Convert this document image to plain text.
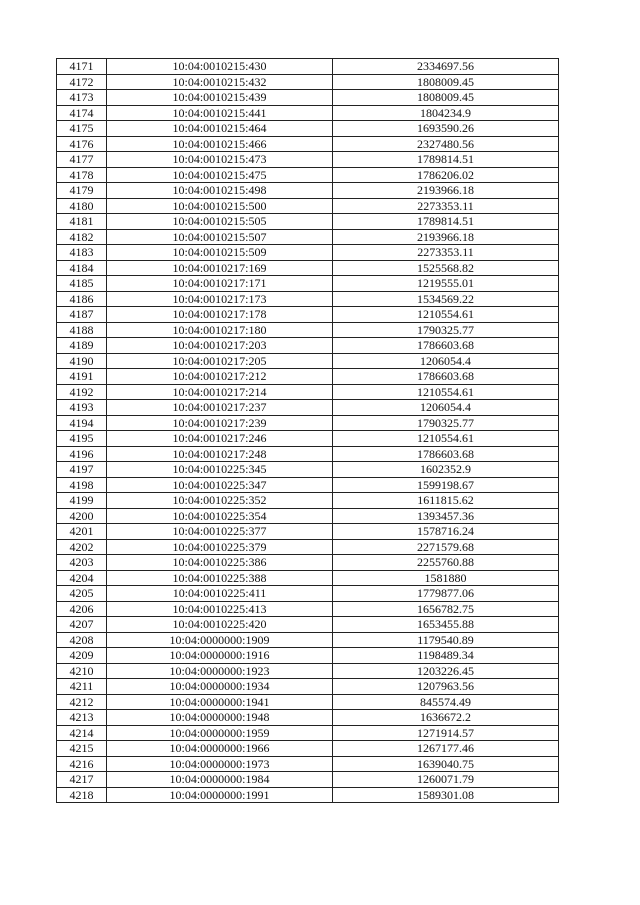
4171	10:04:0010215:430	2334697.56
4172	10:04:0010215:432	1808009.45
4173	10:04:0010215:439	1808009.45
4174	10:04:0010215:441	1804234.9
4175	10:04:0010215:464	1693590.26
4176	10:04:0010215:466	2327480.56
4177	10:04:0010215:473	1789814.51
4178	10:04:0010215:475	1786206.02
4179	10:04:0010215:498	2193966.18
4180	10:04:0010215:500	2273353.11
4181	10:04:0010215:505	1789814.51
4182	10:04:0010215:507	2193966.18
4183	10:04:0010215:509	2273353.11
4184	10:04:0010217:169	1525568.82
4185	10:04:0010217:171	1219555.01
4186	10:04:0010217:173	1534569.22
4187	10:04:0010217:178	1210554.61
4188	10:04:0010217:180	1790325.77
4189	10:04:0010217:203	1786603.68
4190	10:04:0010217:205	1206054.4
4191	10:04:0010217:212	1786603.68
4192	10:04:0010217:214	1210554.61
4193	10:04:0010217:237	1206054.4
4194	10:04:0010217:239	1790325.77
4195	10:04:0010217:246	1210554.61
4196	10:04:0010217:248	1786603.68
4197	10:04:0010225:345	1602352.9
4198	10:04:0010225:347	1599198.67
4199	10:04:0010225:352	1611815.62
4200	10:04:0010225:354	1393457.36
4201	10:04:0010225:377	1578716.24
4202	10:04:0010225:379	2271579.68
4203	10:04:0010225:386	2255760.88
4204	10:04:0010225:388	1581880
4205	10:04:0010225:411	1779877.06
4206	10:04:0010225:413	1656782.75
4207	10:04:0010225:420	1653455.88
4208	10:04:0000000:1909	1179540.89
4209	10:04:0000000:1916	1198489.34
4210	10:04:0000000:1923	1203226.45
4211	10:04:0000000:1934	1207963.56
4212	10:04:0000000:1941	845574.49
4213	10:04:0000000:1948	1636672.2
4214	10:04:0000000:1959	1271914.57
4215	10:04:0000000:1966	1267177.46
4216	10:04:0000000:1973	1639040.75
4217	10:04:0000000:1984	1260071.79
4218	10:04:0000000:1991	1589301.08
